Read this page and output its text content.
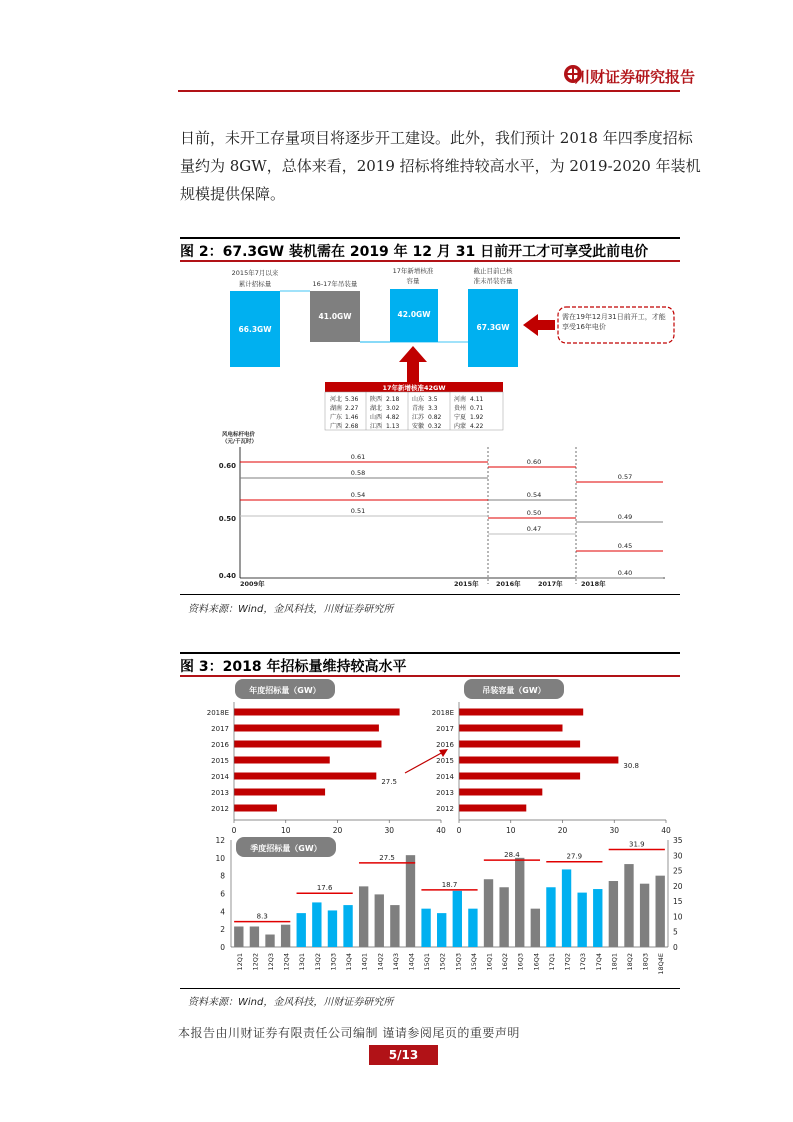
川财证券研究报告

日前，未开工存量项目将逐步开工建设。此外，我们预计 2018 年四季度招标

量约为 8GW，总体来看，2019 招标将维持较高水平，为 2019-2020 年装机

规模提供保障。

图 2：67.3GW 装机需在 2019 年 12 月 31 日前开工才可享受此前电价
2015年7月以来
累计招标量	16-17年吊装量
17年新增核准
容量
截止目前已核
准未吊装容量
66.3GW
41.0GW	42.0GW
67.3GW
需在19年12月31日前开工，才能享受16年电价
17年新增核准42GW
河北 5.36 陕西 2.18 山东 3.5	河南 4.11
湖南 2.27 湖北 3.02 青海 3.3	贵州 0.71
广东 1.46 山西 4.82 江苏 0.82 宁夏 1.92
广西 2.68 江西 1.13 安徽 0.32 内蒙 4.22
风电标杆电价
（元/千瓦时）
0.60
0.50
0.40
2009年	2015年	2016年	2017年	2018年
0.61
0.58
0.54
0.51
0.60
0.54
0.50
0.47
0.57
0.49
0.45
0.40
资料来源：Wind，金风科技，川财证券研究所
图 3：2018 年招标量维持较高水平
年度招标量（GW）
2018E
2017
2016
2015
2014
27.5
2013
2012
0	10	20	30	40
吊装容量（GW）
2018E
2017
2016
2015
30.8
2014
2013
2012
0	10	20	30	40
季度招标量（GW）
0
2
4
6
8
10
12
0
5
10
15
20
25
30
35
12Q1 12Q2 12Q3 12Q4 13Q1 13Q2 13Q3 13Q4 14Q1 14Q2 14Q3 14Q4 15Q1 15Q2 15Q3 15Q4 16Q1 16Q2 16Q3 16Q4 17Q1 17Q2 17Q3 17Q4 18Q1 18Q2 18Q3 18Q4E
8.3
17.6
27.5
18.7
28.4	27.9
31.9
资料来源：Wind，金风科技，川财证券研究所
本报告由川财证券有限责任公司编制 谨请参阅尾页的重要声明
5/13
